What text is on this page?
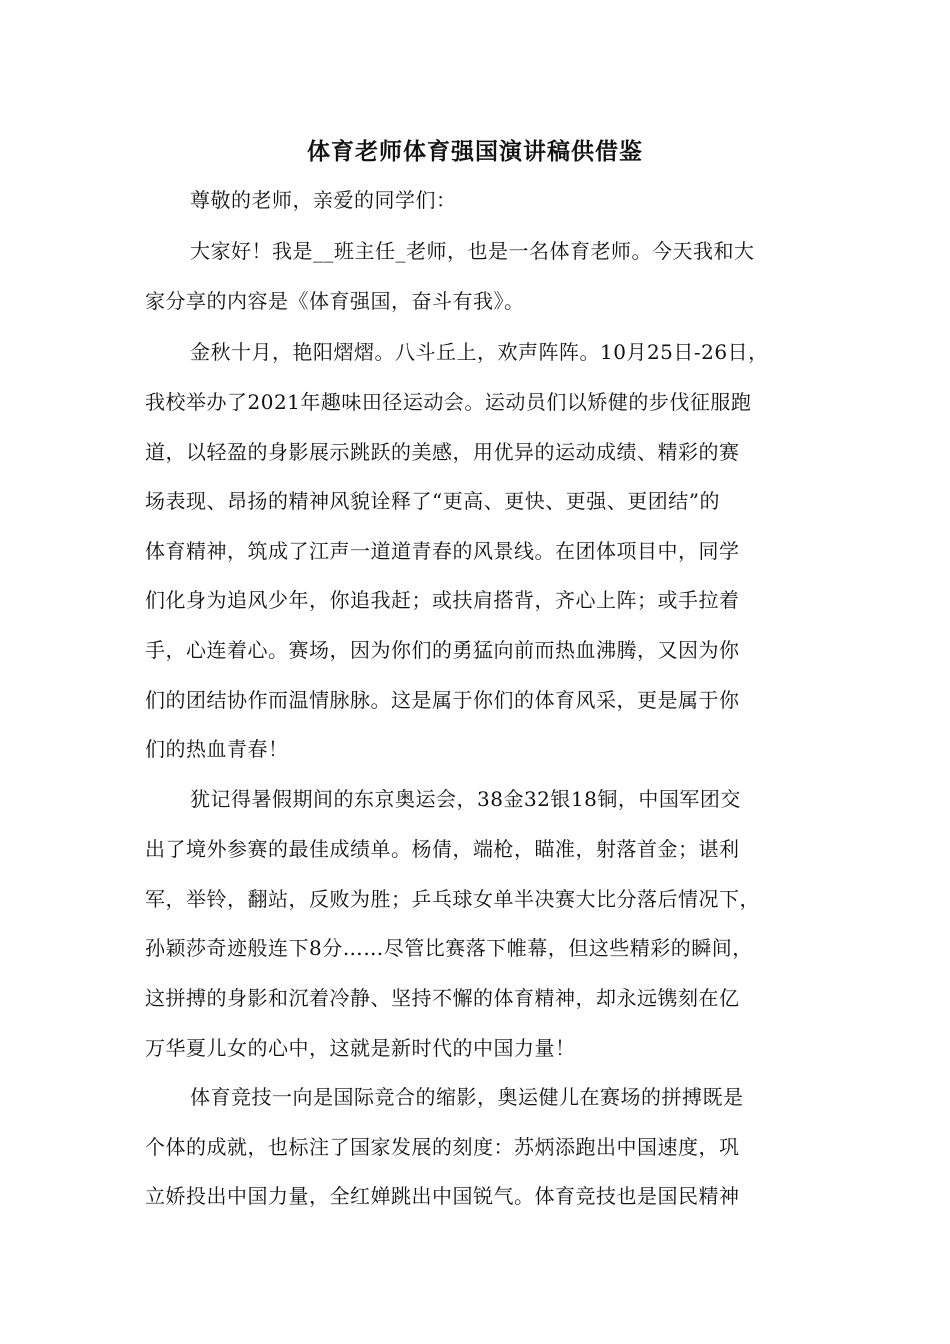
体育老师体育强国演讲稿供借鉴
尊敬的老师，亲爱的同学们：
大家好！我是__班主任_老师，也是一名体育老师。今天我和大
家分享的内容是《体育强国，奋斗有我》。
金秋十月，艳阳熠熠。八斗丘上，欢声阵阵。10月25日-26日，
我校举办了2021年趣味田径运动会。运动员们以矫健的步伐征服跑
道，以轻盈的身影展示跳跃的美感，用优异的运动成绩、精彩的赛
场表现、昂扬的精神风貌诠释了“更高、更快、更强、更团结”的
体育精神，筑成了江声一道道青春的风景线。在团体项目中，同学
们化身为追风少年，你追我赶；或扶肩搭背，齐心上阵；或手拉着
手，心连着心。赛场，因为你们的勇猛向前而热血沸腾，又因为你
们的团结协作而温情脉脉。这是属于你们的体育风采，更是属于你
们的热血青春！
犹记得暑假期间的东京奥运会，38金32银18铜，中国军团交
出了境外参赛的最佳成绩单。杨倩，端枪，瞄准，射落首金；谌利
军，举铃，翻站，反败为胜；乒乓球女单半决赛大比分落后情况下，
孙颖莎奇迹般连下8分……尽管比赛落下帷幕，但这些精彩的瞬间，
这拼搏的身影和沉着冷静、坚持不懈的体育精神，却永远镌刻在亿
万华夏儿女的心中，这就是新时代的中国力量！
体育竞技一向是国际竞合的缩影，奥运健儿在赛场的拼搏既是
个体的成就，也标注了国家发展的刻度：苏炳添跑出中国速度，巩
立娇投出中国力量，全红婵跳出中国锐气。体育竞技也是国民精神
